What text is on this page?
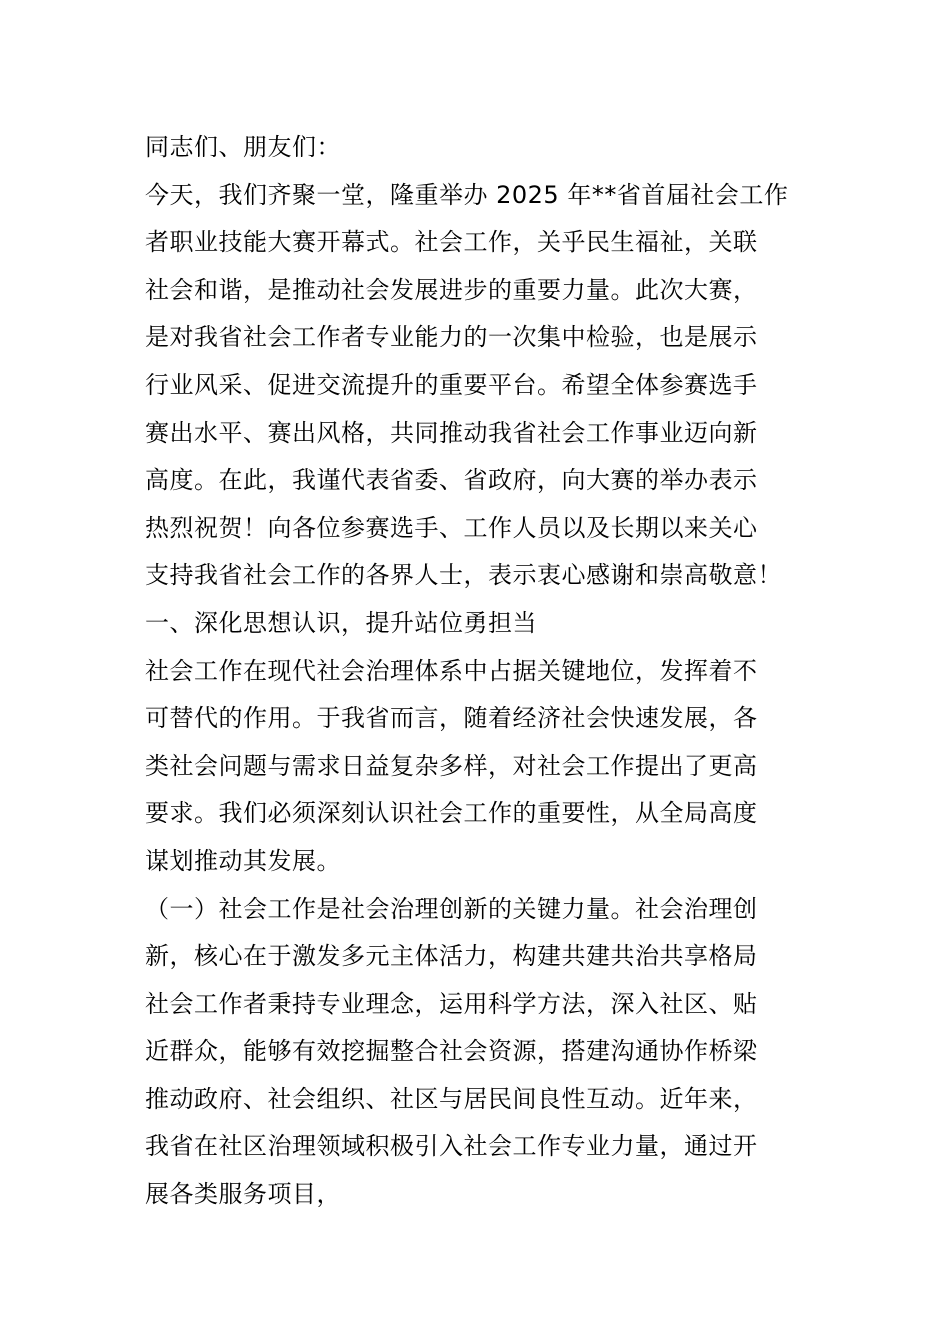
同志们、朋友们：
今天，我们齐聚一堂，隆重举办 2025 年**省首届社会工作
者职业技能大赛开幕式。社会工作，关乎民生福祉，关联
社会和谐，是推动社会发展进步的重要力量。此次大赛，
是对我省社会工作者专业能力的一次集中检验，也是展示
行业风采、促进交流提升的重要平台。希望全体参赛选手
赛出水平、赛出风格，共同推动我省社会工作事业迈向新
高度。在此，我谨代表省委、省政府，向大赛的举办表示
热烈祝贺！向各位参赛选手、工作人员以及长期以来关心
支持我省社会工作的各界人士，表示衷心感谢和崇高敬意！
一、深化思想认识，提升站位勇担当
社会工作在现代社会治理体系中占据关键地位，发挥着不
可替代的作用。于我省而言，随着经济社会快速发展，各
类社会问题与需求日益复杂多样，对社会工作提出了更高
要求。我们必须深刻认识社会工作的重要性，从全局高度
谋划推动其发展。
（一）社会工作是社会治理创新的关键力量。社会治理创
新，核心在于激发多元主体活力，构建共建共治共享格局
社会工作者秉持专业理念，运用科学方法，深入社区、贴
近群众，能够有效挖掘整合社会资源，搭建沟通协作桥梁
推动政府、社会组织、社区与居民间良性互动。近年来，
我省在社区治理领域积极引入社会工作专业力量，通过开
展各类服务项目，
